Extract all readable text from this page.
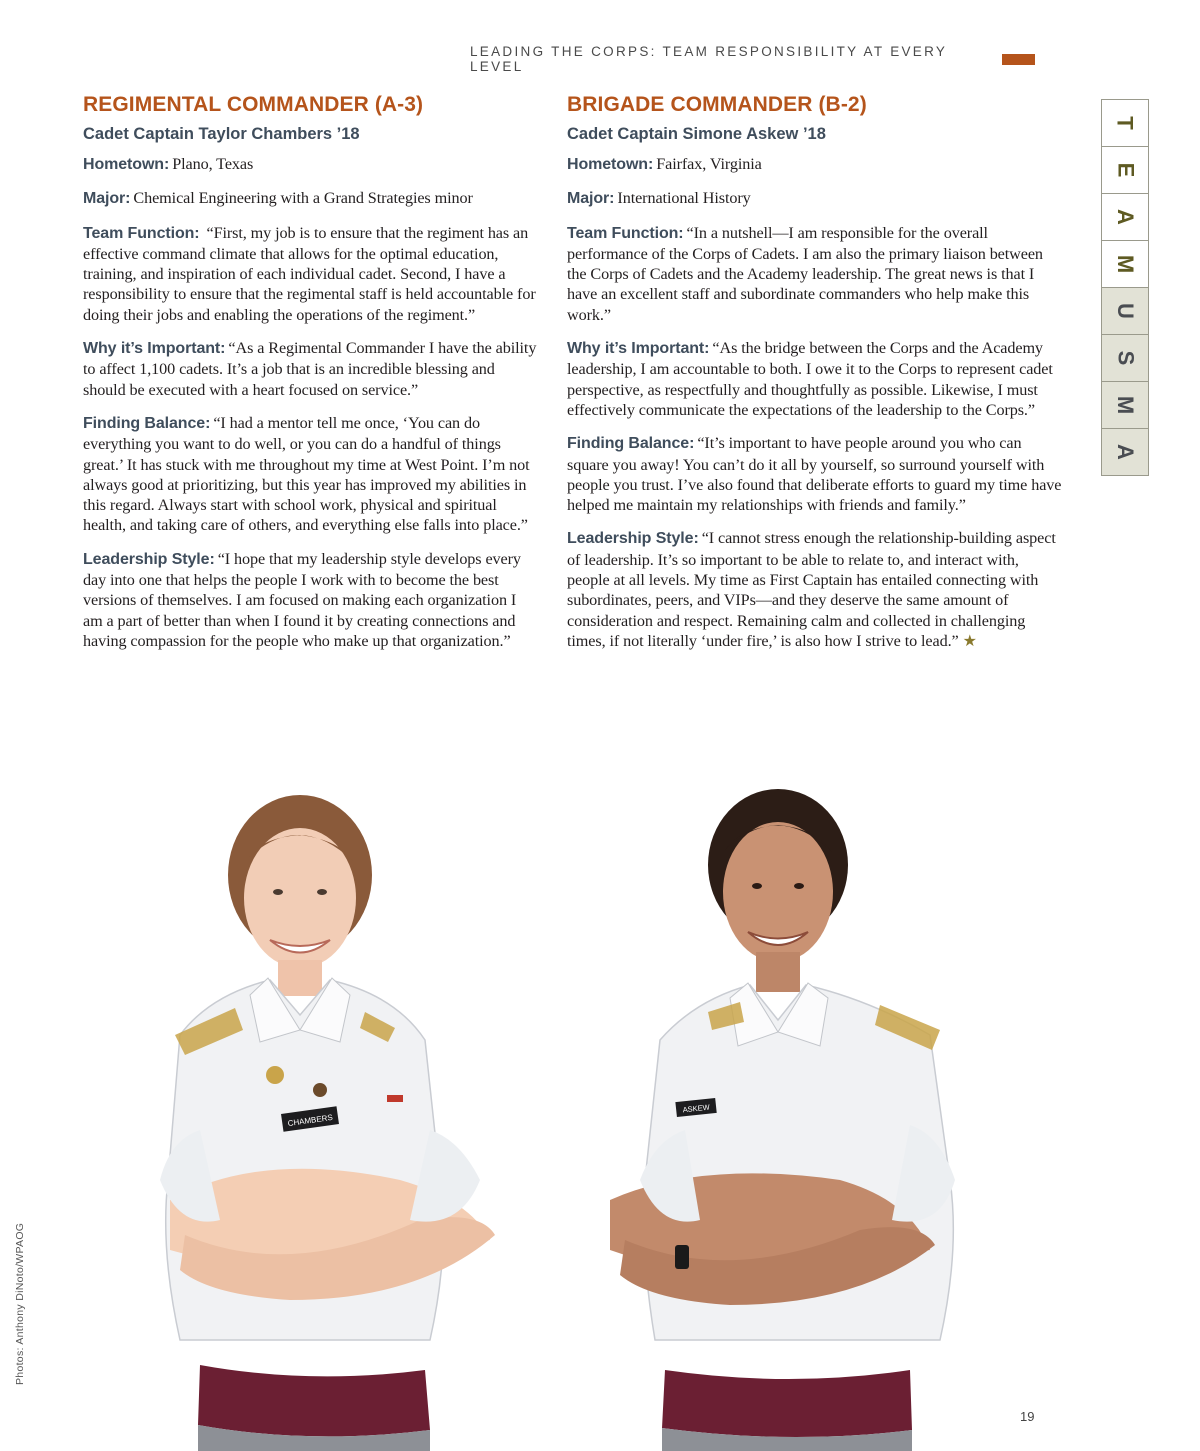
LEADING THE CORPS: TEAM RESPONSIBILITY AT EVERY LEVEL
REGIMENTAL COMMANDER (A-3)
Cadet Captain Taylor Chambers ’18

Hometown: Plano, Texas

Major: Chemical Engineering with a Grand Strategies minor

Team Function: “First, my job is to ensure that the regiment has an effective command climate that allows for the optimal education, training, and inspiration of each individual cadet. Second, I have a responsibility to ensure that the regimental staff is held accountable for doing their jobs and enabling the operations of the regiment.”

Why it’s Important: “As a Regimental Commander I have the ability to affect 1,100 cadets. It’s a job that is an incredible blessing and should be executed with a heart focused on service.”

Finding Balance: “I had a mentor tell me once, ‘You can do everything you want to do well, or you can do a handful of things great.’ It has stuck with me throughout my time at West Point. I’m not always good at prioritizing, but this year has improved my abilities in this regard. Always start with school work, physical and spiritual health, and taking care of others, and everything else falls into place.”

Leadership Style: “I hope that my leadership style develops every day into one that helps the people I work with to become the best versions of themselves. I am focused on making each organization I am a part of better than when I found it by creating connections and having compassion for the people who make up that organization.”

BRIGADE COMMANDER (B-2)
Cadet Captain Simone Askew ’18

Hometown: Fairfax, Virginia

Major: International History

Team Function: “In a nutshell—I am responsible for the overall performance of the Corps of Cadets. I am also the primary liaison between the Corps of Cadets and the Academy leadership. The great news is that I have an excellent staff and subordinate commanders who help make this work.”

Why it’s Important: “As the bridge between the Corps and the Academy leadership, I am accountable to both. I owe it to the Corps to represent cadet perspective, as respectfully and thoughtfully as possible. Likewise, I must effectively communicate the expectations of the leadership to the Corps.”

Finding Balance: “It’s important to have people around you who can square you away! You can’t do it all by yourself, so surround yourself with people you trust. I’ve also found that deliberate efforts to guard my time have helped me maintain my relationships with friends and family.”

Leadership Style: “I cannot stress enough the relationship-building aspect of leadership. It’s so important to be able to relate to, and interact with, people at all levels. My time as First Captain has entailed connecting with subordinates, peers, and VIPs—and they deserve the same amount of consideration and respect. Remaining calm and collected in challenging times, if not literally ‘under fire,’ is also how I strive to lead.” ★

T
E
A
M
U
S
M
A
CHAMBERS
ASKEW
Photos: Anthony DiNoto/WPAOG
19
